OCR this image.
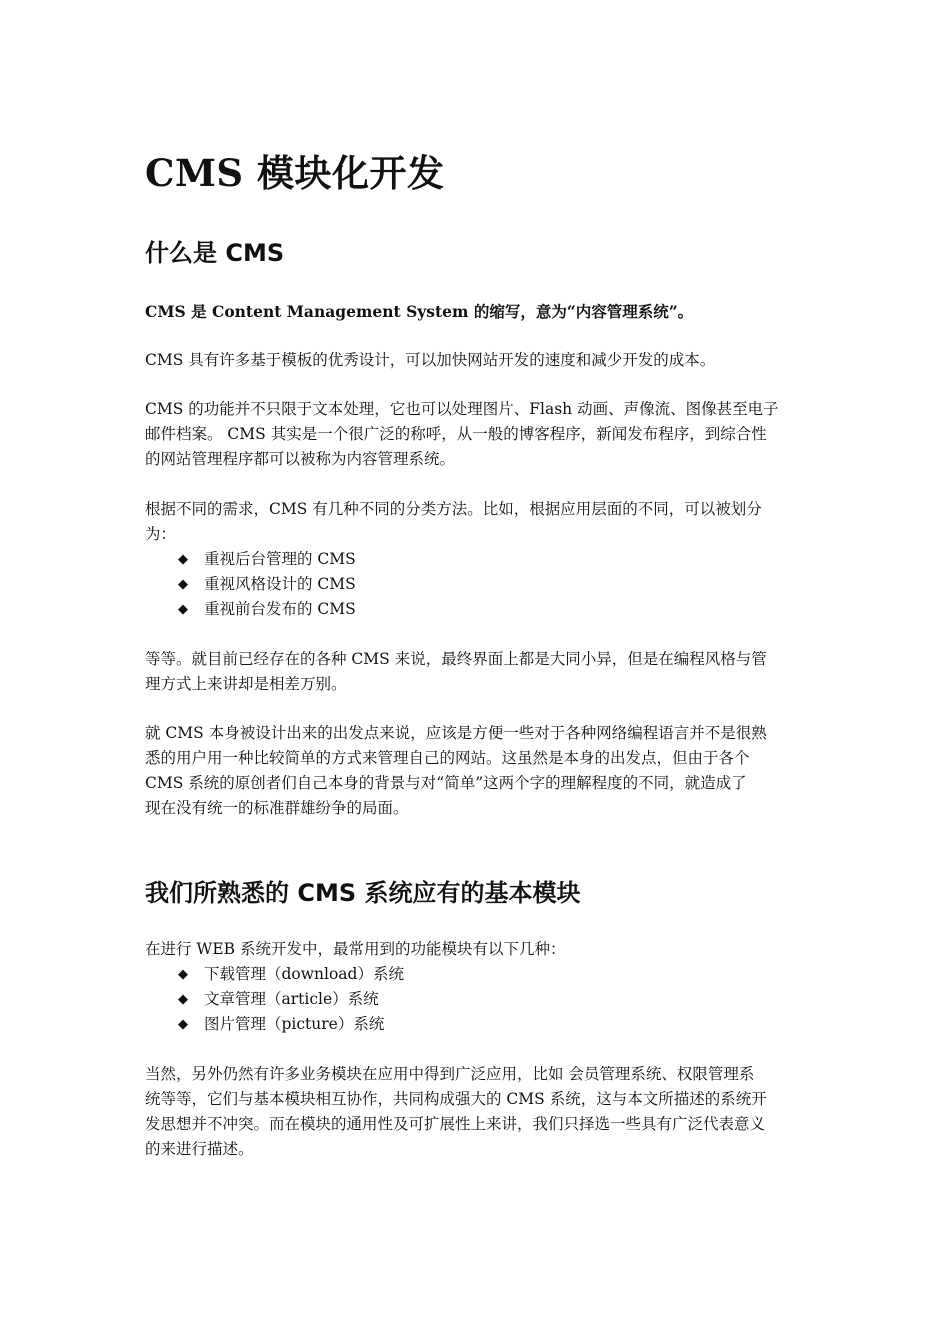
CMS 模块化开发
什么是 CMS

CMS 是 Content Management System 的缩写，意为“内容管理系统”。

CMS 具有许多基于模板的优秀设计，可以加快网站开发的速度和减少开发的成本。

CMS 的功能并不只限于文本处理，它也可以处理图片、Flash 动画、声像流、图像甚至电子
邮件档案。 CMS 其实是一个很广泛的称呼，从一般的博客程序，新闻发布程序，到综合性
的网站管理程序都可以被称为内容管理系统。
根据不同的需求，CMS 有几种不同的分类方法。比如，根据应用层面的不同，可以被划分
为：
◆	重视后台管理的 CMS
◆	重视风格设计的 CMS
◆	重视前台发布的 CMS
等等。就目前已经存在的各种 CMS 来说，最终界面上都是大同小异，但是在编程风格与管
理方式上来讲却是相差万别。
就 CMS 本身被设计出来的出发点来说，应该是方便一些对于各种网络编程语言并不是很熟
悉的用户用一种比较简单的方式来管理自己的网站。这虽然是本身的出发点，但由于各个
CMS 系统的原创者们自己本身的背景与对“简单”这两个字的理解程度的不同，就造成了
现在没有统一的标准群雄纷争的局面。
我们所熟悉的 CMS 系统应有的基本模块

在进行 WEB 系统开发中，最常用到的功能模块有以下几种：

◆	下载管理（download）系统
◆	文章管理（article）系统
◆	图片管理（picture）系统
当然，另外仍然有许多业务模块在应用中得到广泛应用，比如 会员管理系统、权限管理系
统等等，它们与基本模块相互协作，共同构成强大的 CMS 系统，这与本文所描述的系统开
发思想并不冲突。而在模块的通用性及可扩展性上来讲，我们只择选一些具有广泛代表意义
的来进行描述。
